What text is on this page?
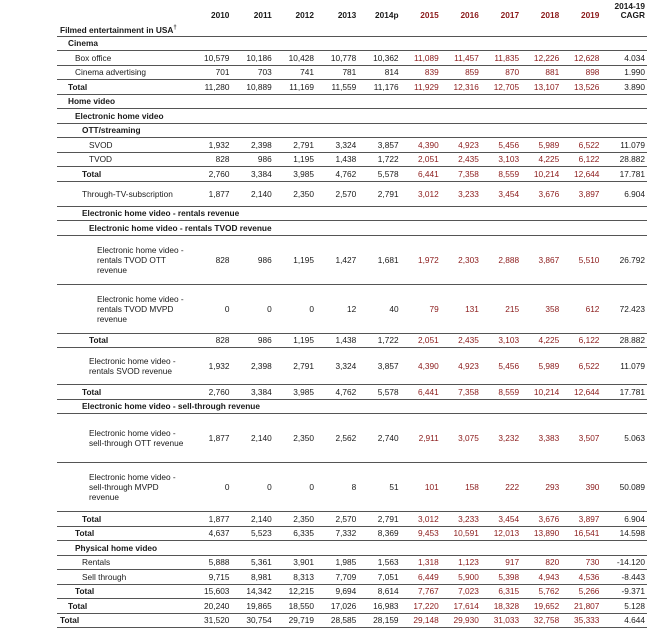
	2010	2011	2012	2013	2014p	2015	2016	2017	2018	2019	2014-19
CAGR

Filmed entertainment in USA†
Cinema											
Box office	10,579	10,186	10,428	10,778	10,362	11,089	11,457	11,835	12,226	12,628	4.034
Cinema advertising	701	703	741	781	814	839	859	870	881	898	1.990
Total	11,280	10,889	11,169	11,559	11,176	11,929	12,316	12,705	13,107	13,526	3.890
Home video											
Electronic home video											
OTT/streaming											
SVOD	1,932	2,398	2,791	3,324	3,857	4,390	4,923	5,456	5,989	6,522	11.079
TVOD	828	986	1,195	1,438	1,722	2,051	2,435	3,103	4,225	6,122	28.882
Total	2,760	3,384	3,985	4,762	5,578	6,441	7,358	8,559	10,214	12,644	17.781
Through-TV-subscription	1,877	2,140	2,350	2,570	2,791	3,012	3,233	3,454	3,676	3,897	6.904
Electronic home video - rentals revenue											
Electronic home video - rentals TVOD revenue											
Electronic home video - rentals TVOD OTT revenue	828	986	1,195	1,427	1,681	1,972	2,303	2,888	3,867	5,510	26.792
Electronic home video - rentals TVOD MVPD revenue	0	0	0	12	40	79	131	215	358	612	72.423
Total	828	986	1,195	1,438	1,722	2,051	2,435	3,103	4,225	6,122	28.882
Electronic home video - rentals SVOD revenue	1,932	2,398	2,791	3,324	3,857	4,390	4,923	5,456	5,989	6,522	11.079
Total	2,760	3,384	3,985	4,762	5,578	6,441	7,358	8,559	10,214	12,644	17.781
Electronic home video - sell-through revenue											
Electronic home video - sell-through OTT revenue	1,877	2,140	2,350	2,562	2,740	2,911	3,075	3,232	3,383	3,507	5.063
Electronic home video - sell-through MVPD revenue	0	0	0	8	51	101	158	222	293	390	50.089
Total	1,877	2,140	2,350	2,570	2,791	3,012	3,233	3,454	3,676	3,897	6.904
Total	4,637	5,523	6,335	7,332	8,369	9,453	10,591	12,013	13,890	16,541	14.598
Physical home video											
Rentals	5,888	5,361	3,901	1,985	1,563	1,318	1,123	917	820	730	-14.120
Sell through	9,715	8,981	8,313	7,709	7,051	6,449	5,900	5,398	4,943	4,536	-8.443
Total	15,603	14,342	12,215	9,694	8,614	7,767	7,023	6,315	5,762	5,266	-9.371
Total	20,240	19,865	18,550	17,026	16,983	17,220	17,614	18,328	19,652	21,807	5.128
Total	31,520	30,754	29,719	28,585	28,159	29,148	29,930	31,033	32,758	35,333	4.644
